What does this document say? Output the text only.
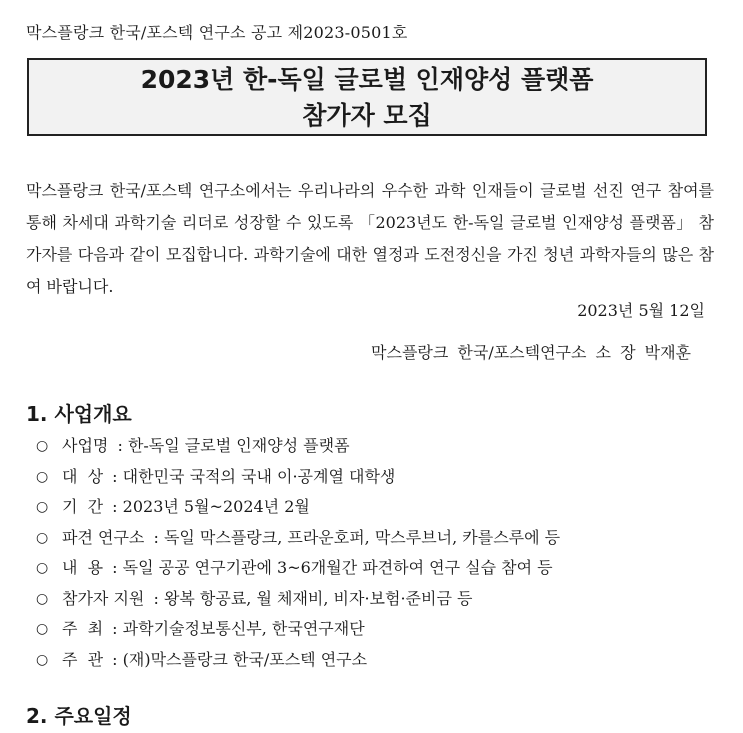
막스플랑크 한국/포스텍 연구소 공고 제2023-0501호
2023년 한-독일 글로벌 인재양성 플랫폼
참가자 모집
막스플랑크 한국/포스텍 연구소에서는 우리나라의 우수한 과학 인재들이 글로벌 선진 연구 참여를 통해 차세대 과학기술 리더로 성장할 수 있도록 「2023년도 한-독일 글로벌 인재양성 플랫폼」 참가자를 다음과 같이 모집합니다. 과학기술에 대한 열정과 도전정신을 가진 청년 과학자들의 많은 참여 바랍니다.
2023년 5월 12일
막스플랑크 한국/포스텍연구소 소 장 박재훈
1. 사업개요
○ 사업명 : 한-독일 글로벌 인재양성 플랫폼
○ 대  상 : 대한민국 국적의 국내 이·공계열 대학생
○ 기  간 : 2023년 5월~2024년 2월
○ 파견 연구소 : 독일 막스플랑크, 프라운호퍼, 막스루브너, 카를스루에 등
○ 내  용 : 독일 공공 연구기관에 3~6개월간 파견하여 연구 실습 참여 등
○ 참가자 지원 : 왕복 항공료, 월 체재비, 비자·보험·준비금 등
○ 주  최 : 과학기술정보통신부, 한국연구재단
○ 주  관 : (재)막스플랑크 한국/포스텍 연구소
2. 주요일정
